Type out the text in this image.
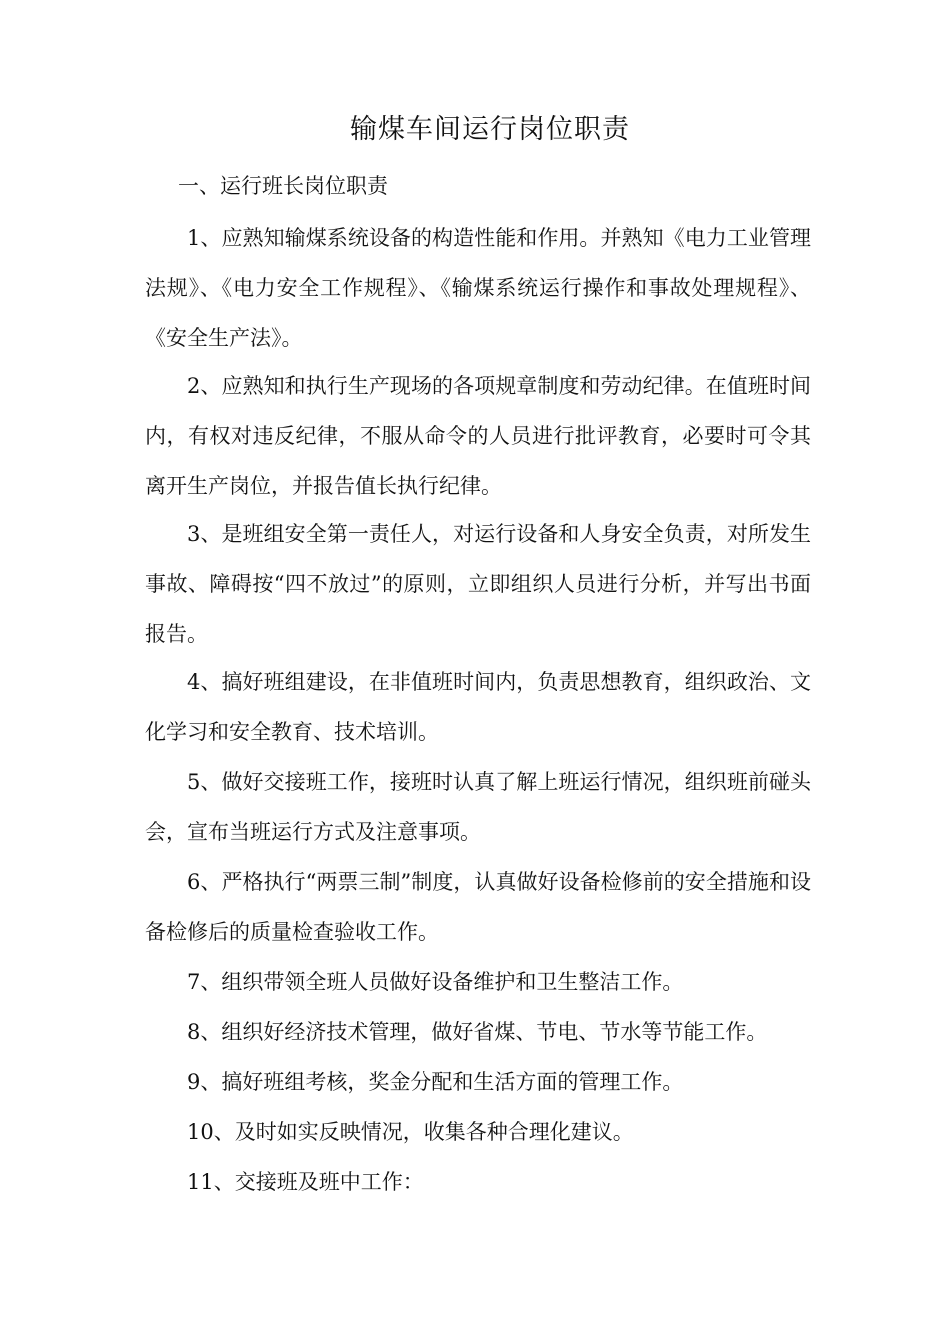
输煤车间运行岗位职责
一、运行班长岗位职责
1、应熟知输煤系统设备的构造性能和作用。并熟知《电力工业管理法规》、《电力安全工作规程》、《输煤系统运行操作和事故处理规程》、《安全生产法》。
2、应熟知和执行生产现场的各项规章制度和劳动纪律。在值班时间内，有权对违反纪律，不服从命令的人员进行批评教育，必要时可令其离开生产岗位，并报告值长执行纪律。
3、是班组安全第一责任人，对运行设备和人身安全负责，对所发生事故、障碍按“四不放过”的原则，立即组织人员进行分析，并写出书面报告。
4、搞好班组建设，在非值班时间内，负责思想教育，组织政治、文化学习和安全教育、技术培训。
5、做好交接班工作，接班时认真了解上班运行情况，组织班前碰头会，宣布当班运行方式及注意事项。
6、严格执行“两票三制”制度，认真做好设备检修前的安全措施和设备检修后的质量检查验收工作。
7、组织带领全班人员做好设备维护和卫生整洁工作。
8、组织好经济技术管理，做好省煤、节电、节水等节能工作。
9、搞好班组考核，奖金分配和生活方面的管理工作。
10、及时如实反映情况，收集各种合理化建议。
11、交接班及班中工作：
